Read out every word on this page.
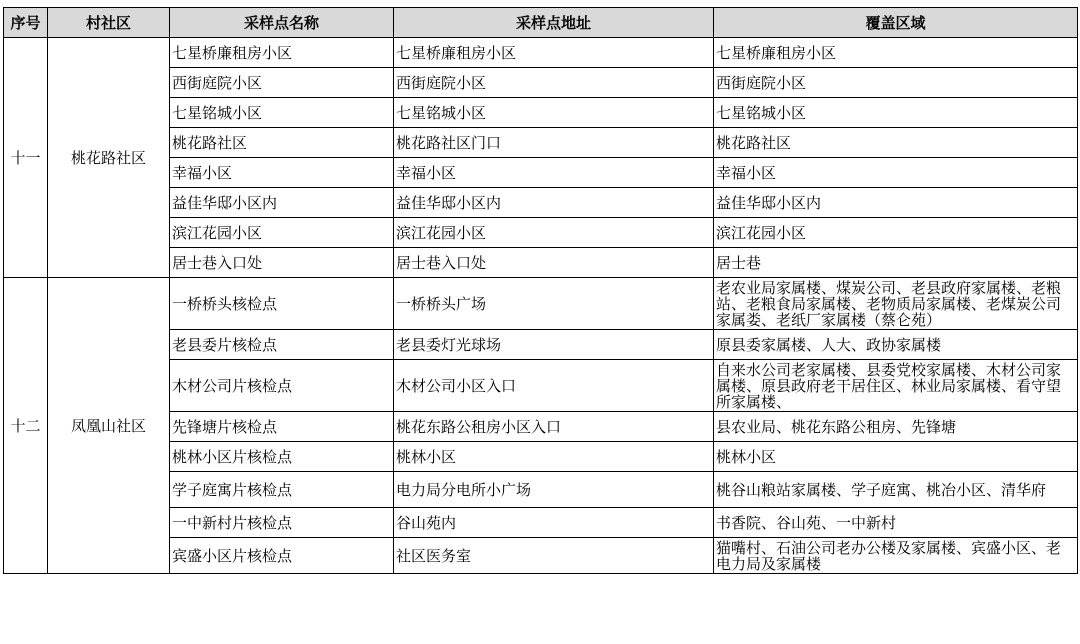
序号	村社区	采样点名称	采样点地址	覆盖区域
十一	桃花路社区	七星桥廉租房小区	七星桥廉租房小区	七星桥廉租房小区
		西街庭院小区	西街庭院小区	西街庭院小区
		七星铭城小区	七星铭城小区	七星铭城小区
		桃花路社区	桃花路社区门口	桃花路社区
		幸福小区	幸福小区	幸福小区
		益佳华邸小区内	益佳华邸小区内	益佳华邸小区内
		滨江花园小区	滨江花园小区	滨江花园小区
		居士巷入口处	居士巷入口处	居士巷
十二	凤凰山社区	一桥桥头核检点	一桥桥头广场	老农业局家属楼、煤炭公司、老县政府家属楼、老粮站、老粮食局家属楼、老物质局家属楼、老煤炭公司家属娄、老纸厂家属楼（蔡仑苑）
		老县委片核检点	老县委灯光球场	原县委家属楼、人大、政协家属楼
		木材公司片核检点	木材公司小区入口	自来水公司老家属楼、县委党校家属楼、木材公司家属楼、原县政府老干居住区、林业局家属楼、看守望所家属楼、
		先锋塘片核检点	桃花东路公租房小区入口	县农业局、桃花东路公租房、先锋塘
		桃林小区片核检点	桃林小区	桃林小区
		学子庭寓片核检点	电力局分电所小广场	桃谷山粮站家属楼、学子庭寓、桃冶小区、清华府
		一中新村片核检点	谷山苑内	书香院、谷山苑、一中新村
		宾盛小区片核检点	社区医务室	猫嘴村、石油公司老办公楼及家属楼、宾盛小区、老电力局及家属楼
